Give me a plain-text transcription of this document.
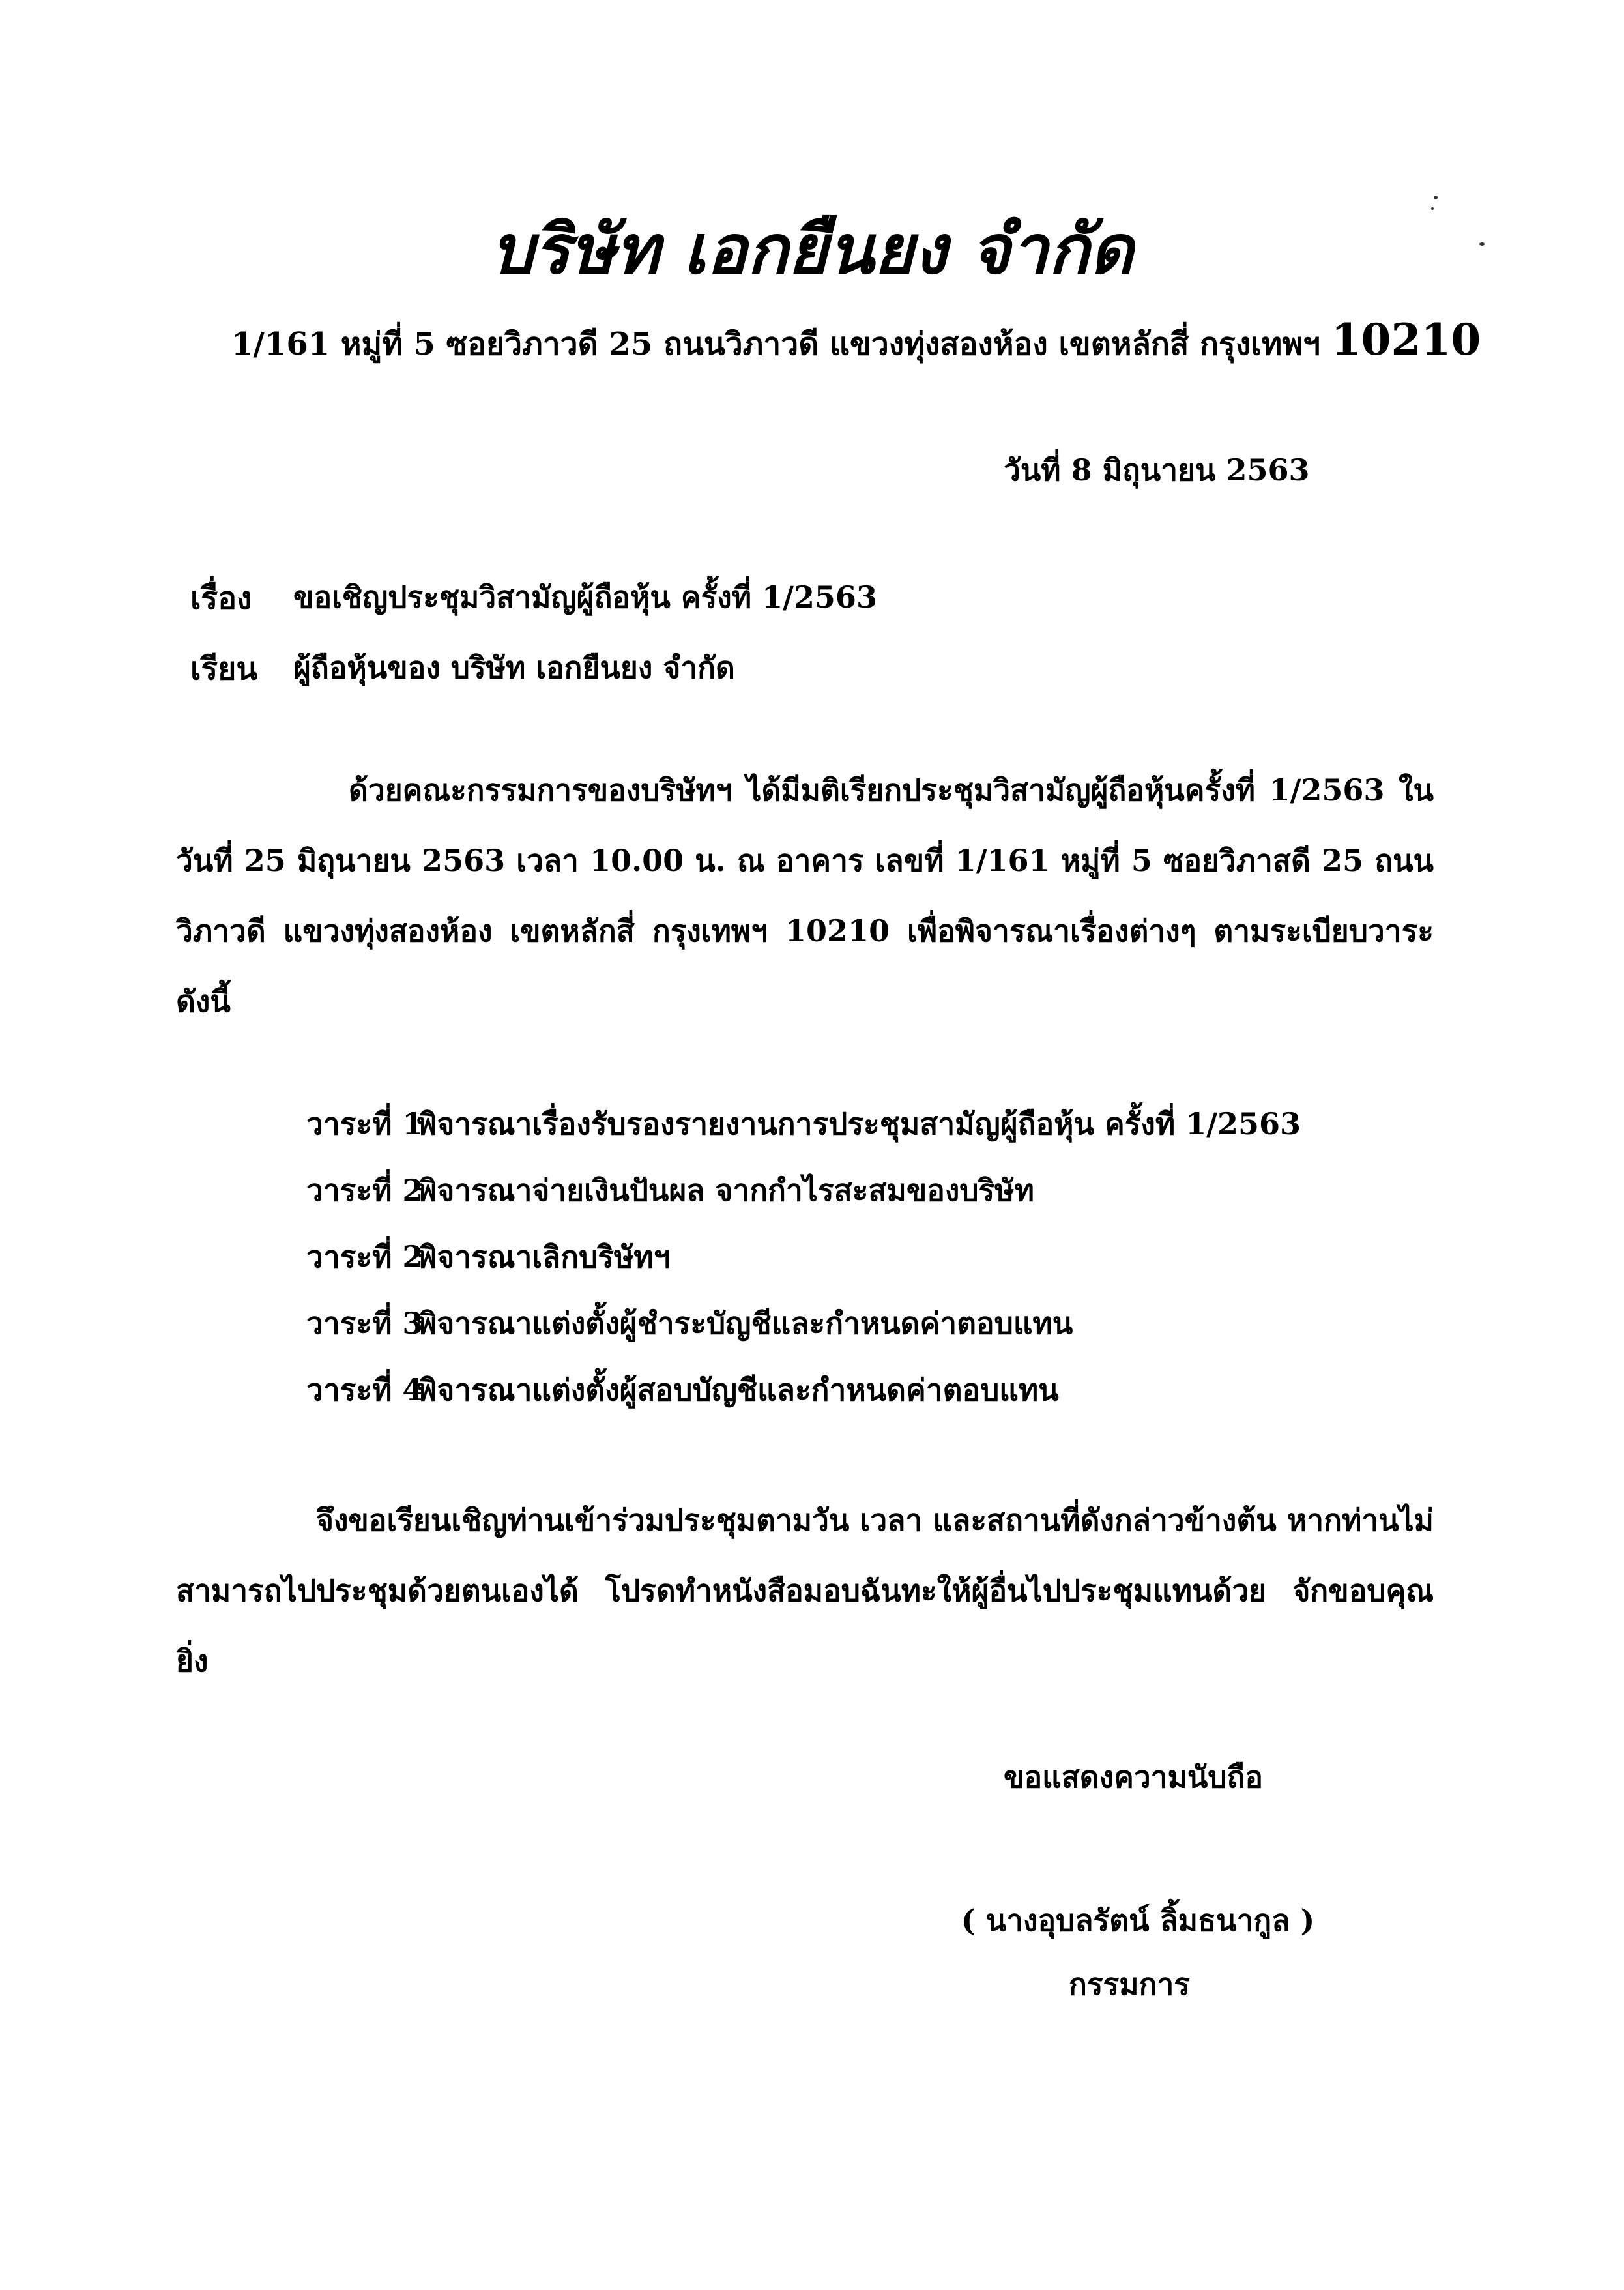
บริษัท เอกยืนยง จำกัด
1/161 หมู่ที่ 5 ซอยวิภาวดี 25 ถนนวิภาวดี แขวงทุ่งสองห้อง เขตหลักสี่ กรุงเทพฯ 10210
วันที่ 8 มิถุนายน 2563
เรื่อง ขอเชิญประชุมวิสามัญผู้ถือหุ้น ครั้งที่ 1/2563
เรียน ผู้ถือหุ้นของ บริษัท เอกยืนยง จำกัด
ด้วยคณะกรรมการของบริษัทฯ ได้มีมติเรียกประชุมวิสามัญผู้ถือหุ้นครั้งที่ 1/2563 ในวันที่ 25 มิถุนายน 2563 เวลา 10.00 น. ณ อาคาร เลขที่ 1/161 หมู่ที่ 5 ซอยวิภาสดี 25 ถนนวิภาวดี แขวงทุ่งสองห้อง เขตหลักสี่ กรุงเทพฯ 10210 เพื่อพิจารณาเรื่องต่างๆ ตามระเบียบวาระดังนี้
วาระที่ 1พิจารณาเรื่องรับรองรายงานการประชุมสามัญผู้ถือหุ้น ครั้งที่ 1/2563
วาระที่ 2พิจารณาจ่ายเงินปันผล จากกำไรสะสมของบริษัท
วาระที่ 2พิจารณาเลิกบริษัทฯ
วาระที่ 3พิจารณาแต่งตั้งผู้ชำระบัญชีและกำหนดค่าตอบแทน
วาระที่ 4พิจารณาแต่งตั้งผู้สอบบัญชีและกำหนดค่าตอบแทน
จึงขอเรียนเชิญท่านเข้าร่วมประชุมตามวัน เวลา และสถานที่ดังกล่าวข้างต้น หากท่านไม่สามารถไปประชุมด้วยตนเองได้ โปรดทำหนังสือมอบฉันทะให้ผู้อื่นไปประชุมแทนด้วย จักขอบคุณยิ่ง
ขอแสดงความนับถือ
( นางอุบลรัตน์ ลิ้มธนากูล )
กรรมการ
